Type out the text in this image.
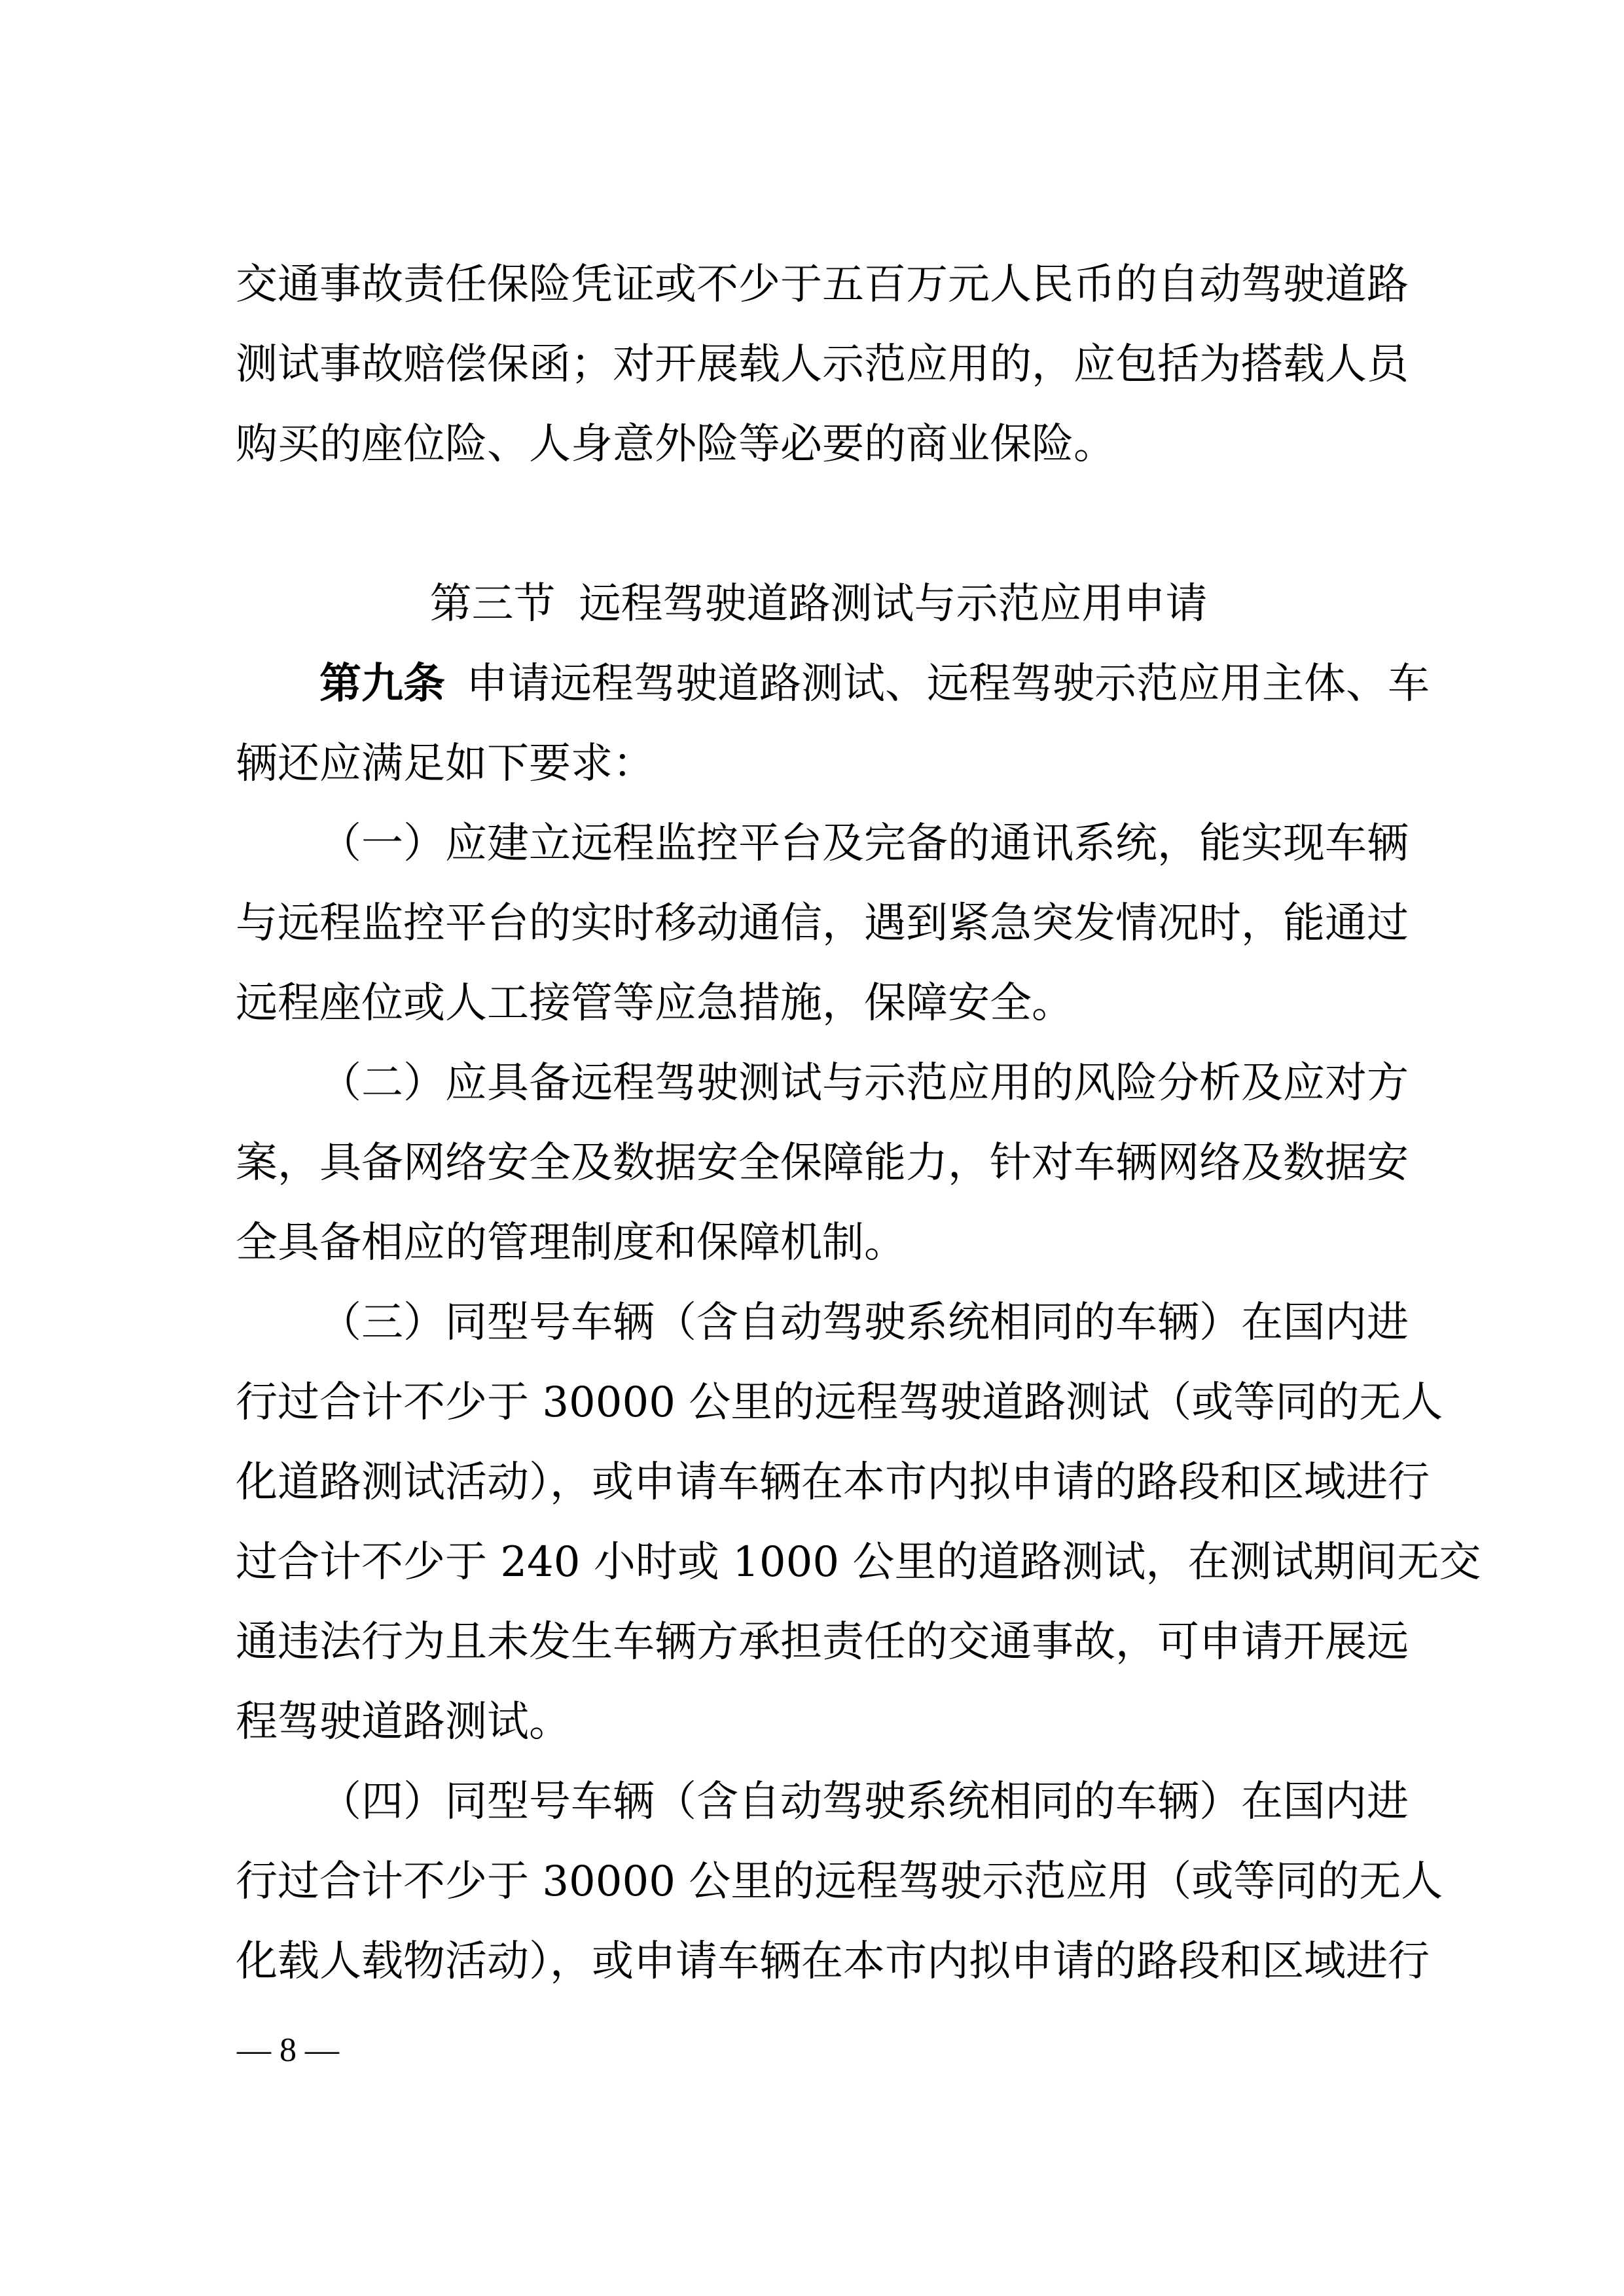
交通事故责任保险凭证或不少于五百万元人民币的自动驾驶道路
测试事故赔偿保函；对开展载人示范应用的，应包括为搭载人员
购买的座位险、人身意外险等必要的商业保险。
第三节 远程驾驶道路测试与示范应用申请
第九条 申请远程驾驶道路测试、远程驾驶示范应用主体、车
辆还应满足如下要求：
（一）应建立远程监控平台及完备的通讯系统，能实现车辆
与远程监控平台的实时移动通信，遇到紧急突发情况时，能通过
远程座位或人工接管等应急措施，保障安全。
（二）应具备远程驾驶测试与示范应用的风险分析及应对方
案，具备网络安全及数据安全保障能力，针对车辆网络及数据安
全具备相应的管理制度和保障机制。
（三）同型号车辆（含自动驾驶系统相同的车辆）在国内进
行过合计不少于 30000 公里的远程驾驶道路测试（或等同的无人
化道路测试活动），或申请车辆在本市内拟申请的路段和区域进行
过合计不少于 240 小时或 1000 公里的道路测试，在测试期间无交
通违法行为且未发生车辆方承担责任的交通事故，可申请开展远
程驾驶道路测试。
（四）同型号车辆（含自动驾驶系统相同的车辆）在国内进
行过合计不少于 30000 公里的远程驾驶示范应用（或等同的无人
化载人载物活动），或申请车辆在本市内拟申请的路段和区域进行
— 8 —
